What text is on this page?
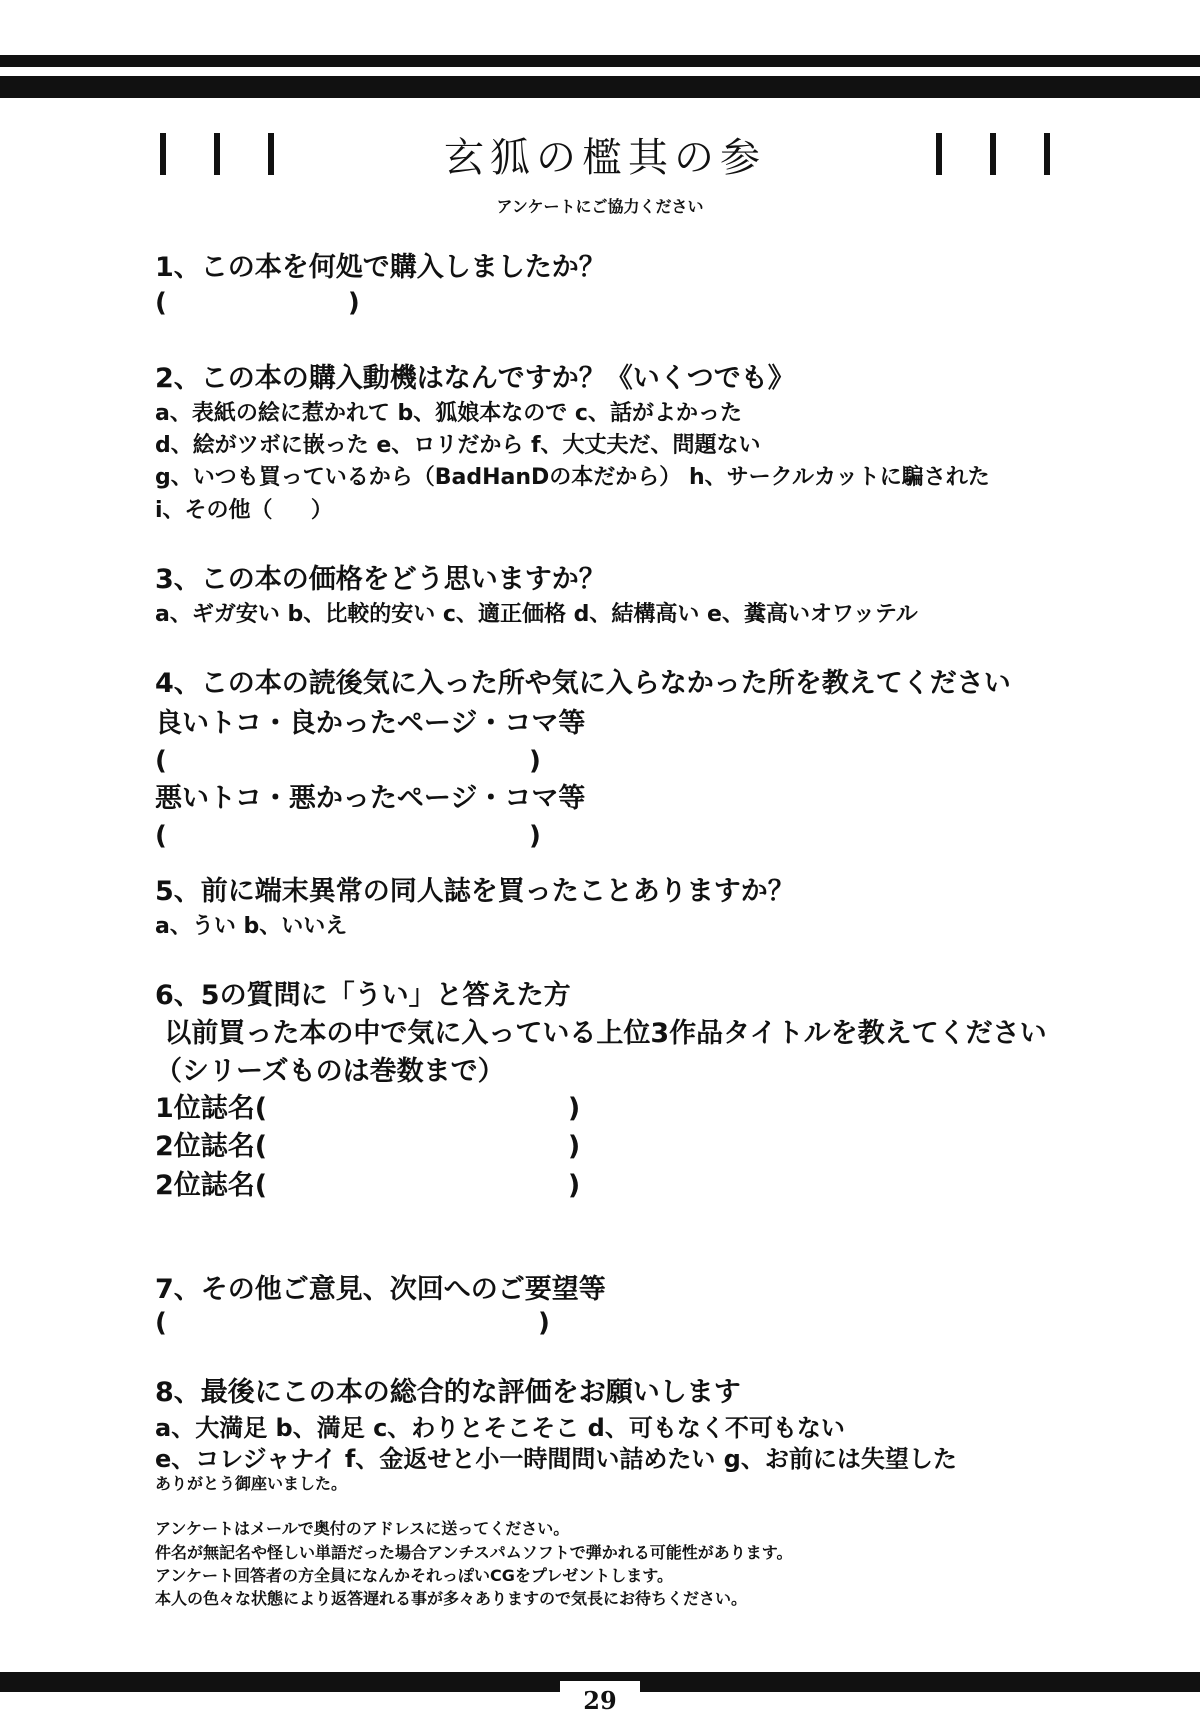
玄狐の檻其の参
アンケートにご協力ください
1、この本を何処で購入しましたか？
(                    )
2、この本の購入動機はなんですか？《いくつでも》
a、表紙の絵に惹かれて b、狐娘本なので c、話がよかった
d、絵がツボに嵌った e、ロリだから f、大丈夫だ、問題ない
g、いつも買っているから（BadHanDの本だから） h、サークルカットに騙された
i、その他（     ）
3、この本の価格をどう思いますか？
a、ギガ安い b、比較的安い c、適正価格 d、結構高い e、糞高いオワッテル
4、この本の読後気に入った所や気に入らなかった所を教えてください
良いトコ・良かったページ・コマ等
(                                        )
悪いトコ・悪かったページ・コマ等
(                                        )
5、前に端末異常の同人誌を買ったことありますか？
a、うい b、いいえ
6、5の質問に「うい」と答えた方
以前買った本の中で気に入っている上位3作品タイトルを教えてください
（シリーズものは巻数まで）
1位誌名(                                )
2位誌名(                                )
2位誌名(                                )
7、その他ご意見、次回へのご要望等
(                                         )
8、最後にこの本の総合的な評価をお願いします
a、大満足 b、満足 c、わりとそこそこ d、可もなく不可もない
e、コレジャナイ f、金返せと小一時間問い詰めたい g、お前には失望した
ありがとう御座いました。
アンケートはメールで奥付のアドレスに送ってください。
件名が無記名や怪しい単語だった場合アンチスパムソフトで弾かれる可能性があります。
アンケート回答者の方全員になんかそれっぽいCGをプレゼントします。
本人の色々な状態により返答遅れる事が多々ありますので気長にお待ちください。
29
